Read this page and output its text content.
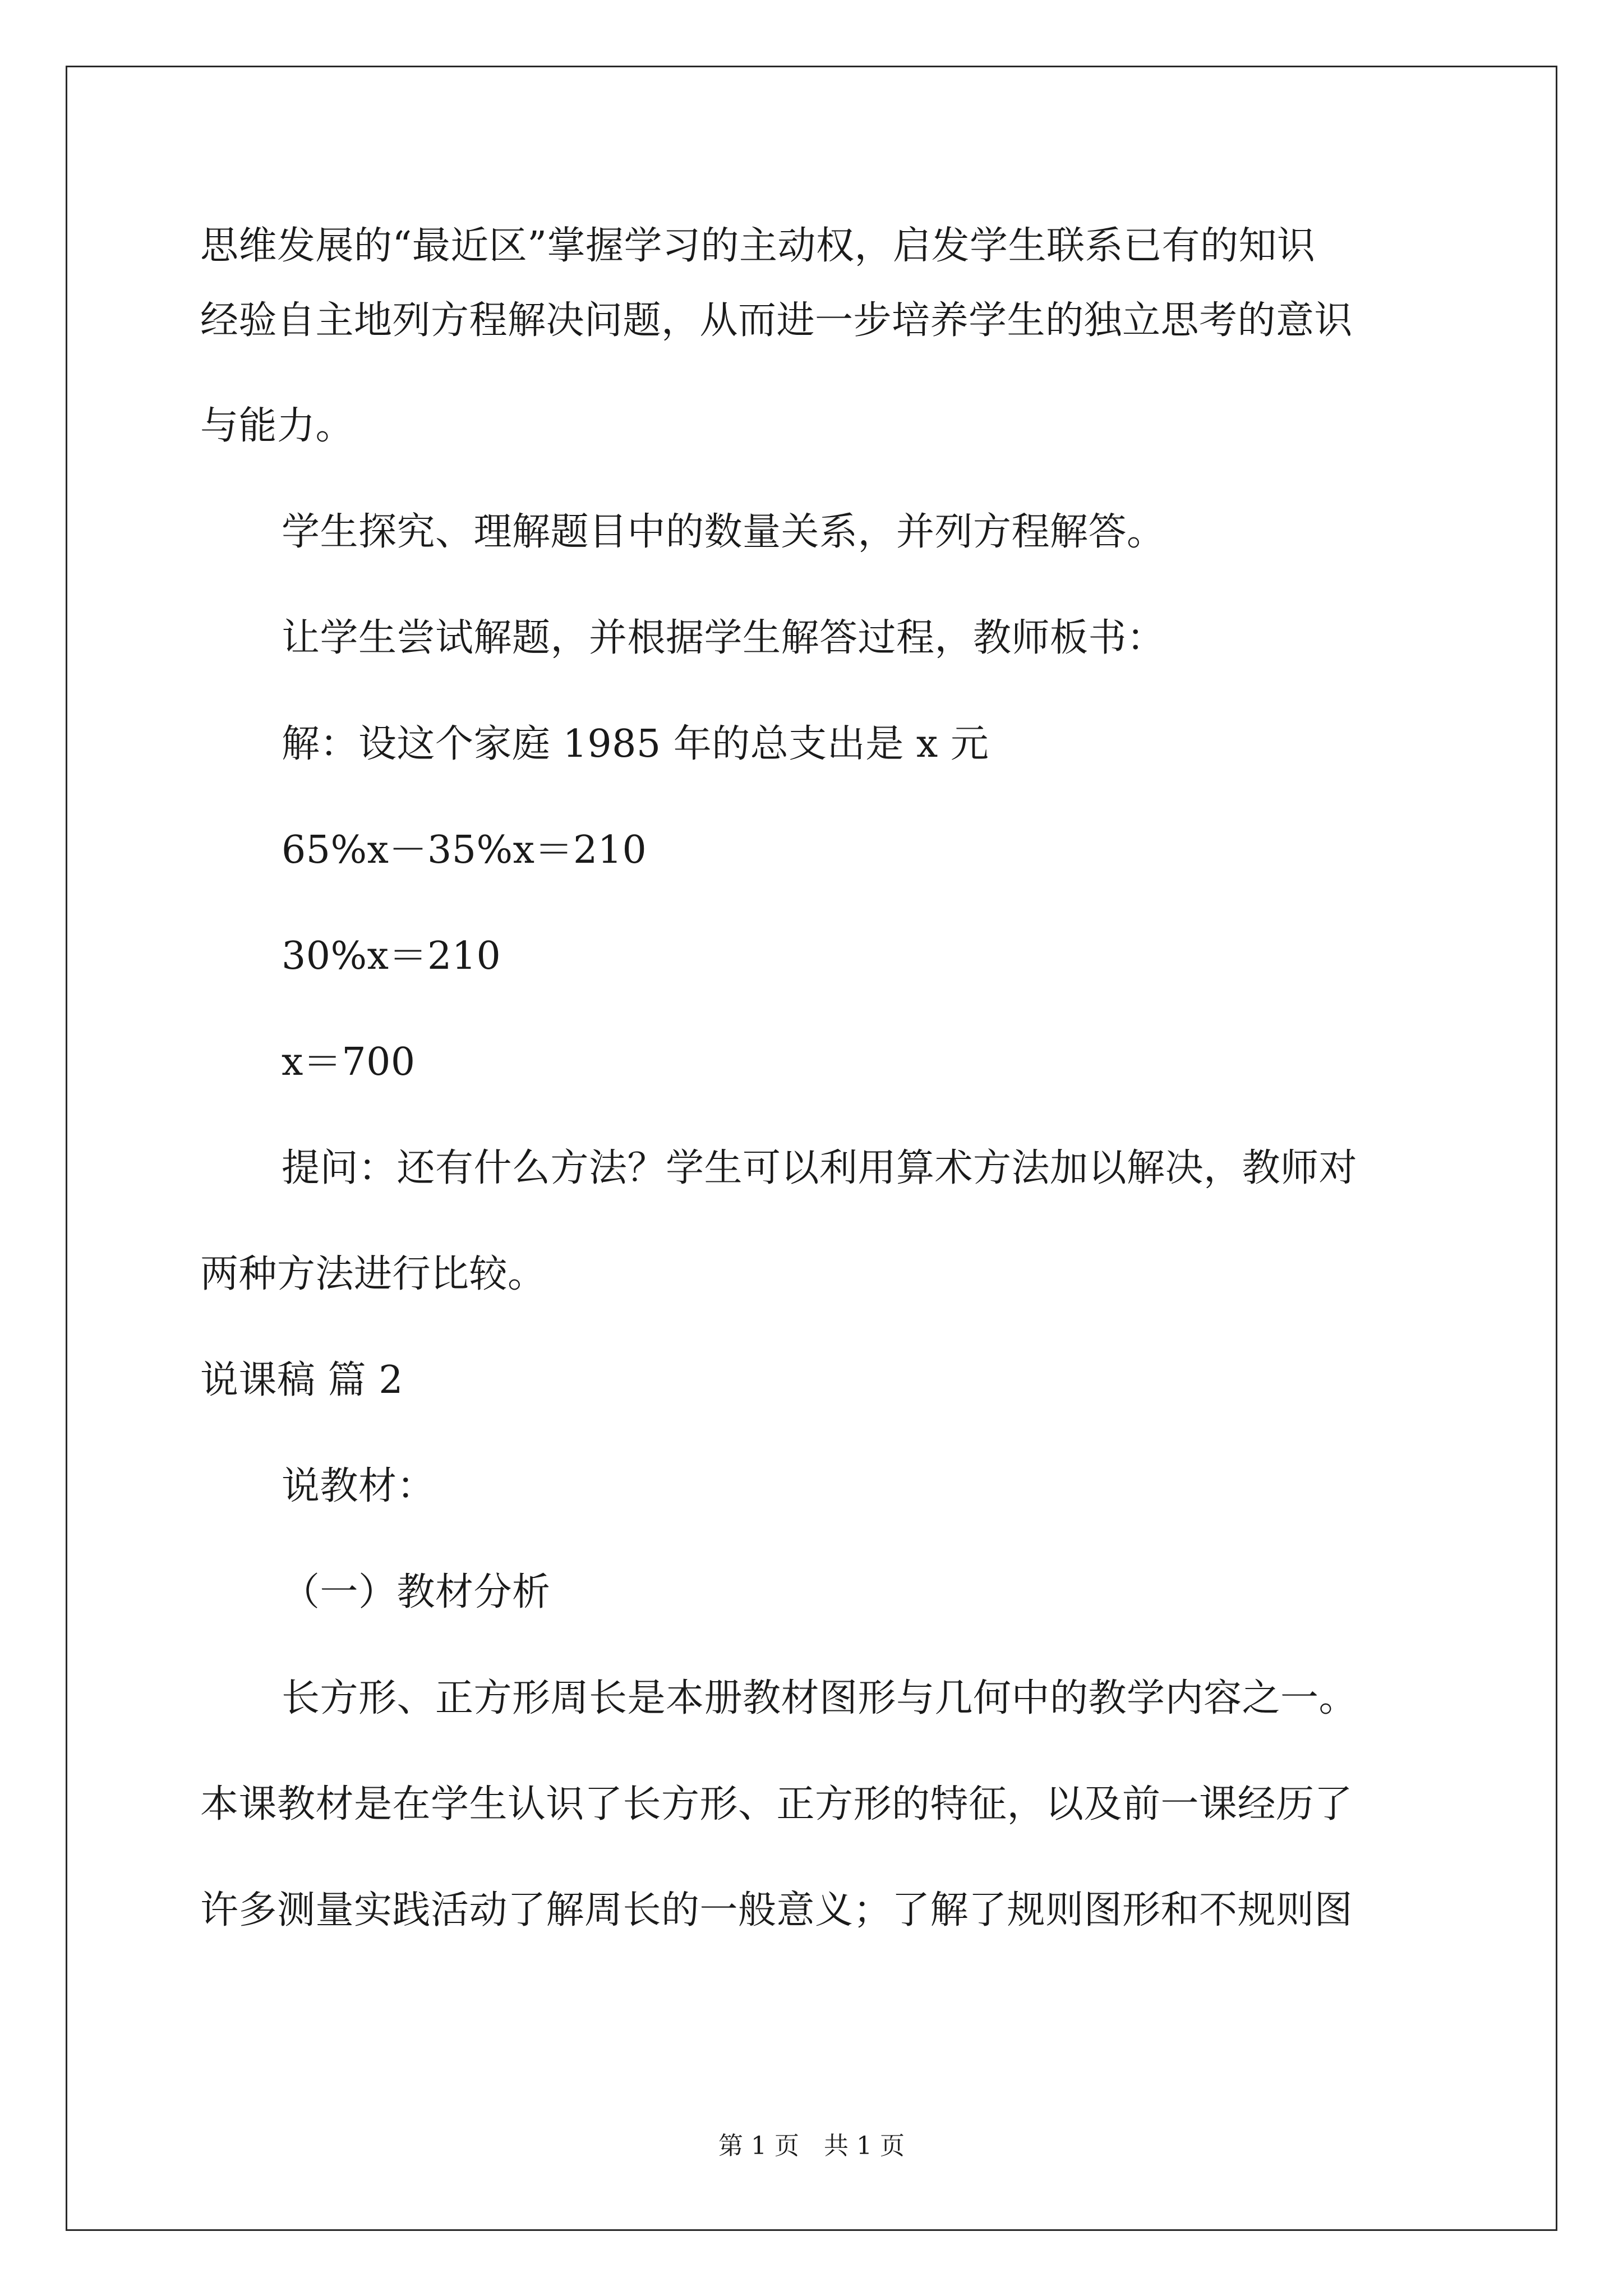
思维发展的“最近区”掌握学习的主动权，启发学生联系已有的知识
经验自主地列方程解决问题，从而进一步培养学生的独立思考的意识
与能力。
学生探究、理解题目中的数量关系，并列方程解答。
让学生尝试解题，并根据学生解答过程，教师板书：
解：设这个家庭 1985 年的总支出是 x 元
65%x－35%x＝210
30%x＝210
x＝700
提问：还有什么方法？学生可以利用算术方法加以解决，教师对
两种方法进行比较。
说课稿 篇 2
说教材：
（一）教材分析
长方形、正方形周长是本册教材图形与几何中的教学内容之一。
本课教材是在学生认识了长方形、正方形的特征，以及前一课经历了
许多测量实践活动了解周长的一般意义；了解了规则图形和不规则图
第 1 页　共 1 页
